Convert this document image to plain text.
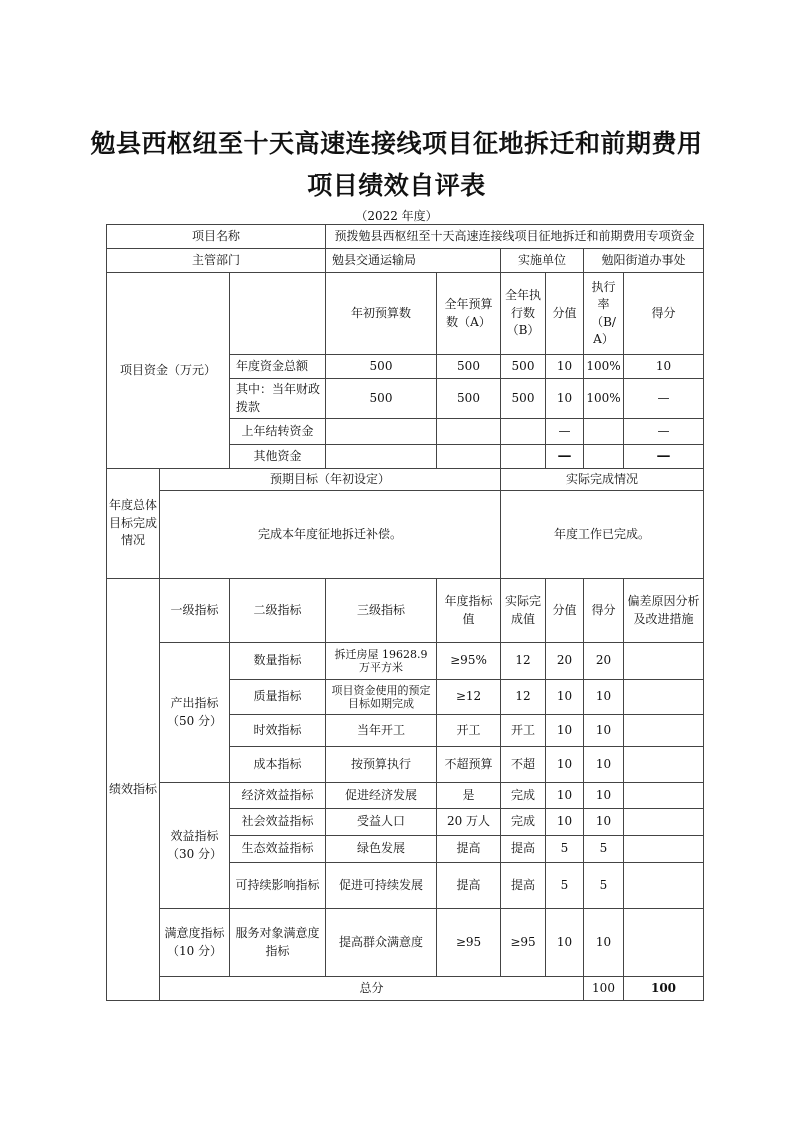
勉县西枢纽至十天高速连接线项目征地拆迁和前期费用
项目绩效自评表
（2022 年度）
项目名称			预拨勉县西枢纽至十天高速连接线项目征地拆迁和前期费用专项资金						
主管部门			勉县交通运输局		实施单位		勉阳街道办事处		
项目资金（万元）			年初预算数	全年预算数（A）	全年执行数（B）	分值	执行率（B/A）	得分	
		年度资金总额	500	500	500	10	100%	10	
		其中：当年财政拨款	500	500	500	10	100%	—	
		上年结转资金				—		—	
		其他资金				—		—	
年度总体目标完成情况	预期目标（年初设定）				实际完成情况				
	完成本年度征地拆迁补偿。				年度工作已完成。				
绩效指标	一级指标	二级指标	三级指标	年度指标值	实际完成值	分值	得分	偏差原因分析及改进措施	
	产出指标（50 分）	数量指标	拆迁房屋 19628.9 万平方米	≥95%	12	20	20		
		质量指标	项目资金使用的预定目标如期完成	≥12	12	10	10		
		时效指标	当年开工	开工	开工	10	10		
		成本指标	按预算执行	不超预算	不超	10	10		
	效益指标（30 分）	经济效益指标	促进经济发展	是	完成	10	10		
		社会效益指标	受益人口	20 万人	完成	10	10		
		生态效益指标	绿色发展	提高	提高	5	5		
		可持续影响指标	促进可持续发展	提高	提高	5	5		
	满意度指标（10 分）	服务对象满意度指标	提高群众满意度	≥95	≥95	10	10		
	总分						100	100	
